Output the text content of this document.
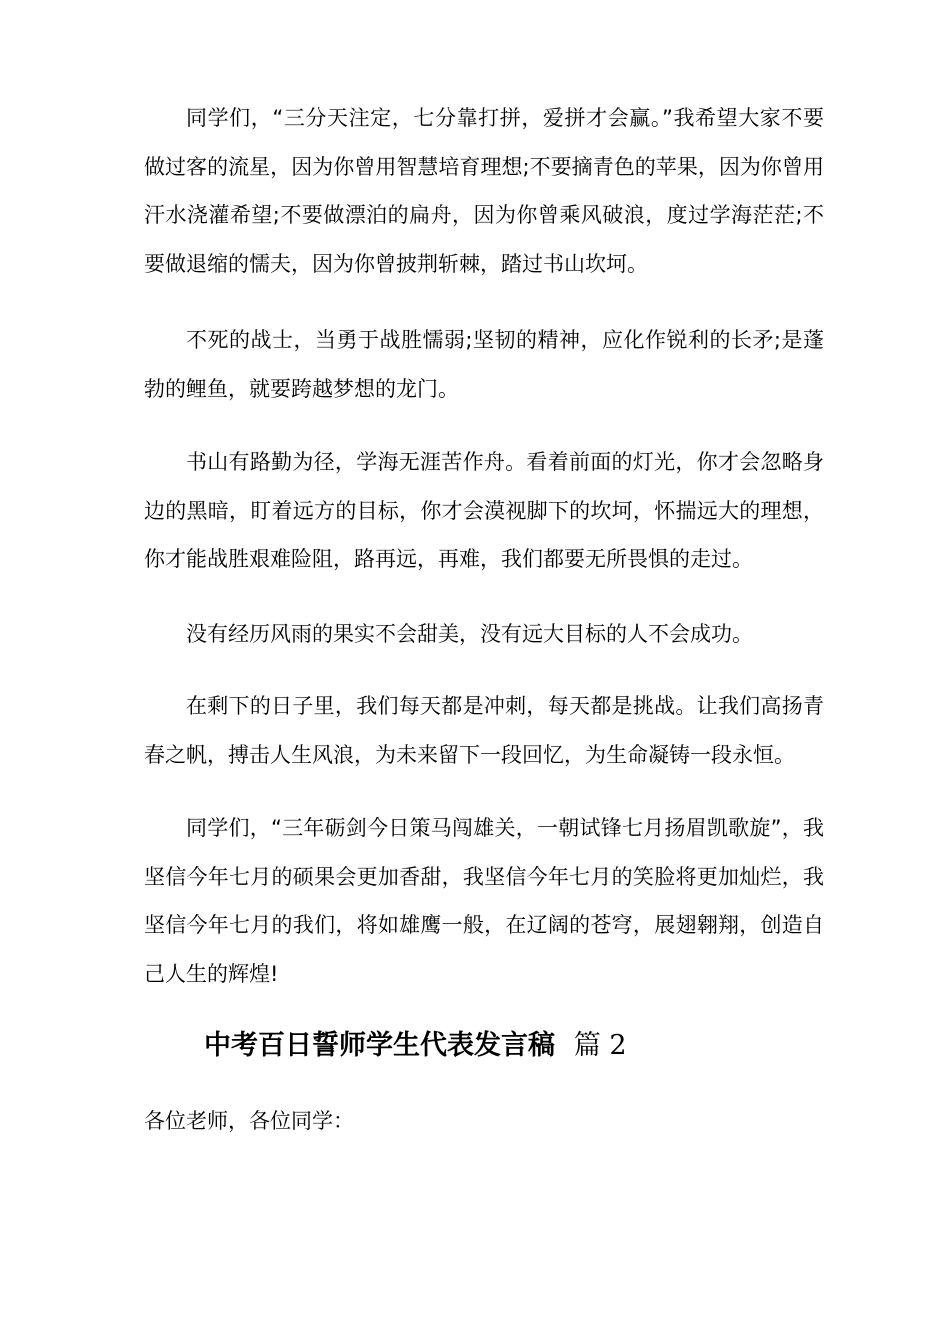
同学们，“三分天注定，七分靠打拼，爱拼才会赢。”我希望大家不要做过客的流星，因为你曾用智慧培育理想;不要摘青色的苹果，因为你曾用汗水浇灌希望;不要做漂泊的扁舟，因为你曾乘风破浪，度过学海茫茫;不要做退缩的懦夫，因为你曾披荆斩棘，踏过书山坎坷。

不死的战士，当勇于战胜懦弱;坚韧的精神，应化作锐利的长矛;是蓬勃的鲤鱼，就要跨越梦想的龙门。

书山有路勤为径，学海无涯苦作舟。看着前面的灯光，你才会忽略身边的黑暗，盯着远方的目标，你才会漠视脚下的坎坷，怀揣远大的理想，你才能战胜艰难险阻，路再远，再难，我们都要无所畏惧的走过。

没有经历风雨的果实不会甜美，没有远大目标的人不会成功。

在剩下的日子里，我们每天都是冲刺，每天都是挑战。让我们高扬青春之帆，搏击人生风浪，为未来留下一段回忆，为生命凝铸一段永恒。

同学们，“三年砺剑今日策马闯雄关，一朝试锋七月扬眉凯歌旋”，我坚信今年七月的硕果会更加香甜，我坚信今年七月的笑脸将更加灿烂，我坚信今年七月的我们，将如雄鹰一般，在辽阔的苍穹，展翅翱翔，创造自己人生的辉煌!

中考百日誓师学生代表发言稿 篇 2

各位老师，各位同学：
